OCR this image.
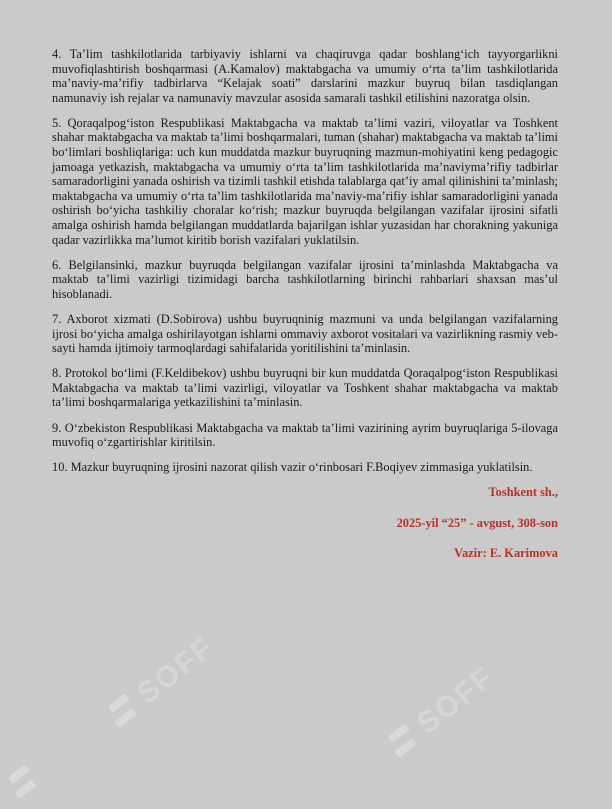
SOFF	SOFF

4. Ta’lim tashkilotlarida tarbiyaviy ishlarni va chaqiruvga qadar boshlang‘ich tayyorgarlikni muvofiqlashtirish boshqarmasi (A.Kamalov) maktabgacha va umumiy o‘rta ta’lim tashkilotlarida ma’naviy-ma’rifiy tadbirlarva “Kelajak soati” darslarini mazkur buyruq bilan tasdiqlangan namunaviy ish rejalar va namunaviy mavzular asosida samarali tashkil etilishini nazoratga olsin.

5. Qoraqalpog‘iston Respublikasi Maktabgacha va maktab ta’limi vaziri, viloyatlar va Toshkent shahar maktabgacha va maktab ta’limi boshqarmalari, tuman (shahar) maktabgacha va maktab ta’limi bo‘limlari boshliqlariga: uch kun muddatda mazkur buyruqning mazmun-mohiyatini keng pedagogic jamoaga yetkazish, maktabgacha va umumiy o‘rta ta’lim tashkilotlarida ma’naviyma’rifiy tadbirlar samaradorligini yanada oshirish va tizimli tashkil etishda talablarga qat’iy amal qilinishini ta’minlash; maktabgacha va umumiy o‘rta ta’lim tashkilotlarida ma’naviy-ma’rifiy ishlar samaradorligini yanada oshirish bo‘yicha tashkiliy choralar ko‘rish; mazkur buyruqda belgilangan vazifalar ijrosini sifatli amalga oshirish hamda belgilangan muddatlarda bajarilgan ishlar yuzasidan har chorakning yakuniga qadar vazirlikka ma’lumot kiritib borish vazifalari yuklatilsin.

6. Belgilansinki, mazkur buyruqda belgilangan vazifalar ijrosini ta’minlashda Maktabgacha va maktab ta’limi vazirligi tizimidagi barcha tashkilotlarning birinchi rahbarlari shaxsan mas’ul hisoblanadi.

7. Axborot xizmati (D.Sobirova) ushbu buyruqninig mazmuni va unda belgilangan vazifalarning ijrosi bo‘yicha amalga oshirilayotgan ishlarni ommaviy axborot vositalari va vazirlikning rasmiy veb-sayti hamda ijtimoiy tarmoqlardagi sahifalarida yoritilishini ta’minlasin.

8. Protokol bo‘limi (F.Keldibekov) ushbu buyruqni bir kun muddatda Qoraqalpog‘iston Respublikasi Maktabgacha va maktab ta’limi vazirligi, viloyatlar va Toshkent shahar maktabgacha va maktab ta’limi boshqarmalariga yetkazilishini ta’minlasin.

9. O‘zbekiston Respublikasi Maktabgacha va maktab ta’limi vazirining ayrim buyruqlariga 5-ilovaga muvofiq o‘zgartirishlar kiritilsin.

10. Mazkur buyruqning ijrosini nazorat qilish vazir o‘rinbosari F.Boqiyev zimmasiga yuklatilsin.

Toshkent sh.,

2025-yil “25” - avgust, 308-son

Vazir: E. Karimova
